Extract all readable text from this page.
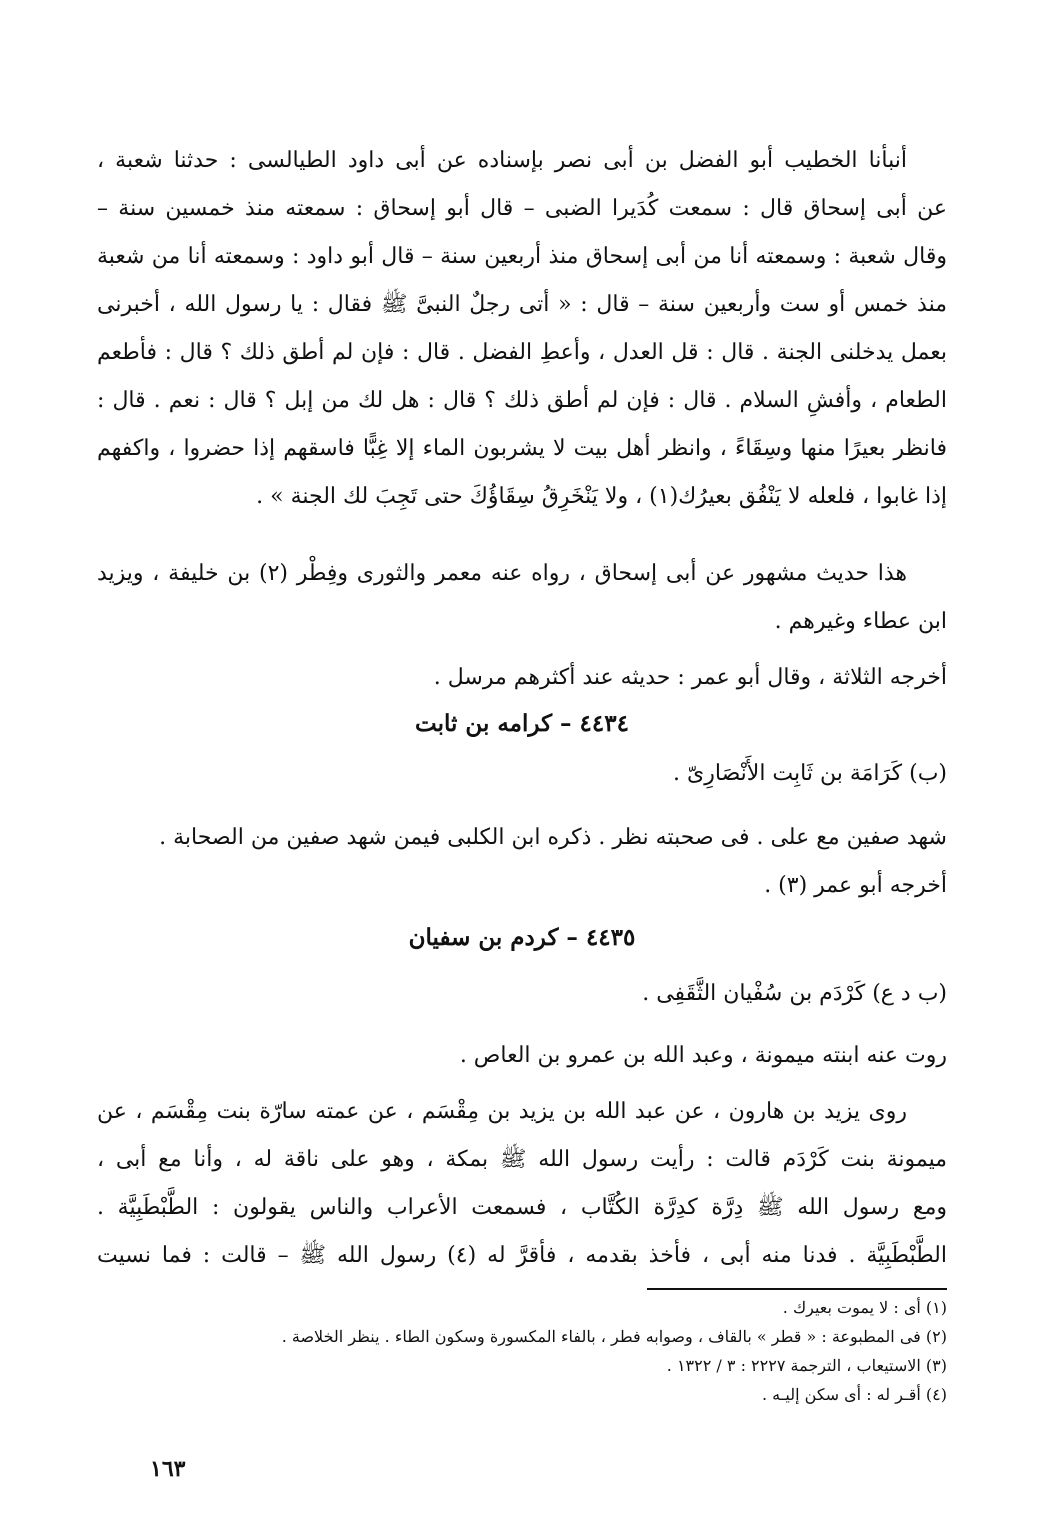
أنبأنا الخطيب أبو الفضل بن أبى نصر بإسناده عن أبى داود الطيالسى : حدثنا شعبة ،
عن أبى إسحاق قال : سمعت كُدَيرا الضبى – قال أبو إسحاق : سمعته منذ خمسين سنة –
وقال شعبة : وسمعته أنا من أبى إسحاق منذ أربعين سنة – قال أبو داود : وسمعته أنا من شعبة
منذ خمس أو ست وأربعين سنة – قال : « أتى رجلٌ النبىَّ ﷺ فقال : يا رسول الله ، أخبرنى
بعمل يدخلنى الجنة . قال : قل العدل ، وأعطِ الفضل . قال : فإن لم أطق ذلك ؟ قال : فأطعم
الطعام ، وأفشِ السلام . قال : فإن لم أطق ذلك ؟ قال : هل لك من إبل ؟ قال : نعم . قال :
فانظر بعيرًا منها وسِقَاءً ، وانظر أهل بيت لا يشربون الماء إلا غِبًّا فاسقهم إذا حضروا ، واكفهم
إذا غابوا ، فلعله لا يَنْفُق بعيرُك(١) ، ولا يَنْخَرِقُ سِقَاؤُكَ حتى تَجِبَ لك الجنة » .
هذا حديث مشهور عن أبى إسحاق ، رواه عنه معمر والثورى وفِطْر (٢) بن خليفة ، ويزيد
ابن عطاء وغيرهم .
أخرجه الثلاثة ، وقال أبو عمر : حديثه عند أكثرهم مرسل .
٤٤٣٤ – كرامه بن ثابت
(ب) كَرَامَة بن ثَابِت الأَنْصَارِىّ .
شهد صفين مع على . فى صحبته نظر . ذكره ابن الكلبى فيمن شهد صفين من الصحابة .
أخرجه أبو عمر (٣) .
٤٤٣٥ – كردم بن سفيان
(ب د ع) كَرْدَم بن سُفْيان الثَّقَفِى .
روت عنه ابنته ميمونة ، وعبد الله بن عمرو بن العاص .
روى يزيد بن هارون ، عن عبد الله بن يزيد بن مِقْسَم ، عن عمته سارّة بنت مِقْسَم ، عن
ميمونة بنت كَرْدَم قالت : رأيت رسول الله ﷺ بمكة ، وهو على ناقة له ، وأنا مع أبى ،
ومع رسول الله ﷺ دِرَّة كدِرَّة الكُتَّاب ، فسمعت الأعراب والناس يقولون : الطَّبْطَبِيَّة .
الطَّبْطَبِيَّة . فدنا منه أبى ، فأخذ بقدمه ، فأقرَّ له (٤) رسول الله ﷺ – قالت : فما نسيت
(١) أى : لا يموت بعيرك .
(٢) فى المطبوعة : « قطر » بالقاف ، وصوابه فطر ، بالفاء المكسورة وسكون الطاء . ينظر الخلاصة .
(٣) الاستيعاب ، الترجمة ٢٢٢٧ : ٣ / ١٣٢٢ .
(٤) أقـر له : أى سكن إليـه .
١٦٣
